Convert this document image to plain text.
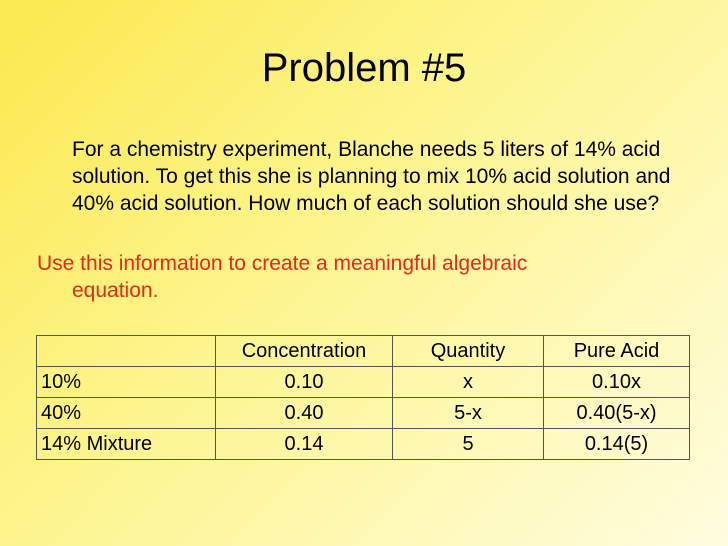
Problem #5

For a chemistry experiment, Blanche needs 5 liters of 14% acid solution. To get this she is planning to mix 10% acid solution and 40% acid solution. How much of each solution should she use?

Use this information to create a meaningful algebraic
equation.

	Concentration	Quantity	Pure Acid
10%	0.10	x	0.10x
40%	0.40	5-x	0.40(5-x)
14% Mixture	0.14	5	0.14(5)
